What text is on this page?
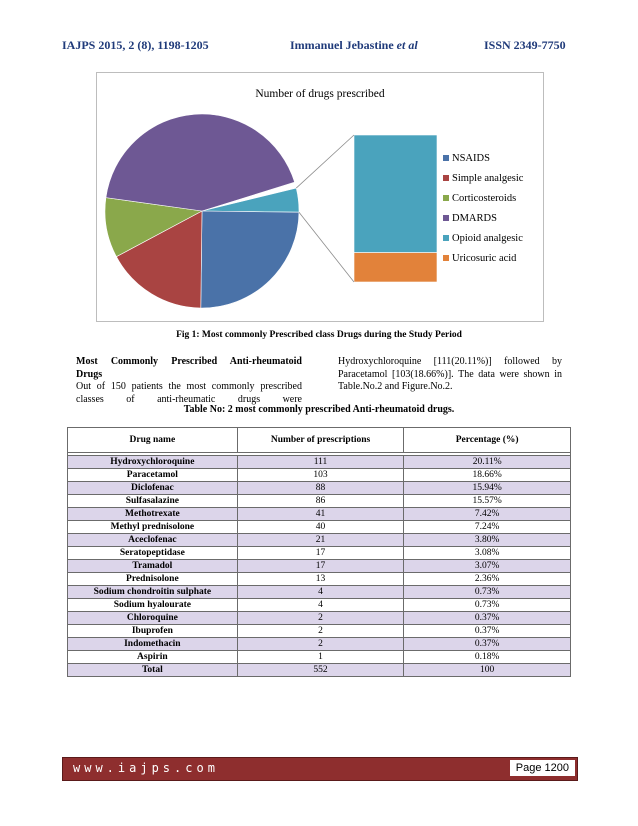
IAJPS 2015, 2 (8), 1198-1205	Immanuel Jebastine et al	ISSN 2349-7750
Number of drugs prescribed
NSAIDS
Simple analgesic
Corticosteroids
DMARDS
Opioid analgesic
Uricosuric acid
Fig 1: Most commonly Prescribed class Drugs during the Study Period
Most Commonly Prescribed Anti-rheumatoid
Drugs
Out of 150 patients the most commonly prescribed
classes of anti-rheumatic drugs were
Hydroxychloroquine [111(20.11%)] followed by Paracetamol [103(18.66%)]. The data were shown in Table.No.2 and Figure.No.2.
Table No: 2 most commonly prescribed Anti-rheumatoid drugs.
Drug name	Number of prescriptions	Percentage (%)

Hydroxychloroquine	111	20.11%
Paracetamol	103	18.66%
Diclofenac	88	15.94%
Sulfasalazine	86	15.57%
Methotrexate	41	7.42%
Methyl prednisolone	40	7.24%
Aceclofenac	21	3.80%
Seratopeptidase	17	3.08%
Tramadol	17	3.07%
Prednisolone	13	2.36%
Sodium chondroitin sulphate	4	0.73%
Sodium hyalourate	4	0.73%
Chloroquine	2	0.37%
Ibuprofen	2	0.37%
Indomethacin	2	0.37%
Aspirin	1	0.18%
Total	552	100
www.iajps.com	Page 1200
